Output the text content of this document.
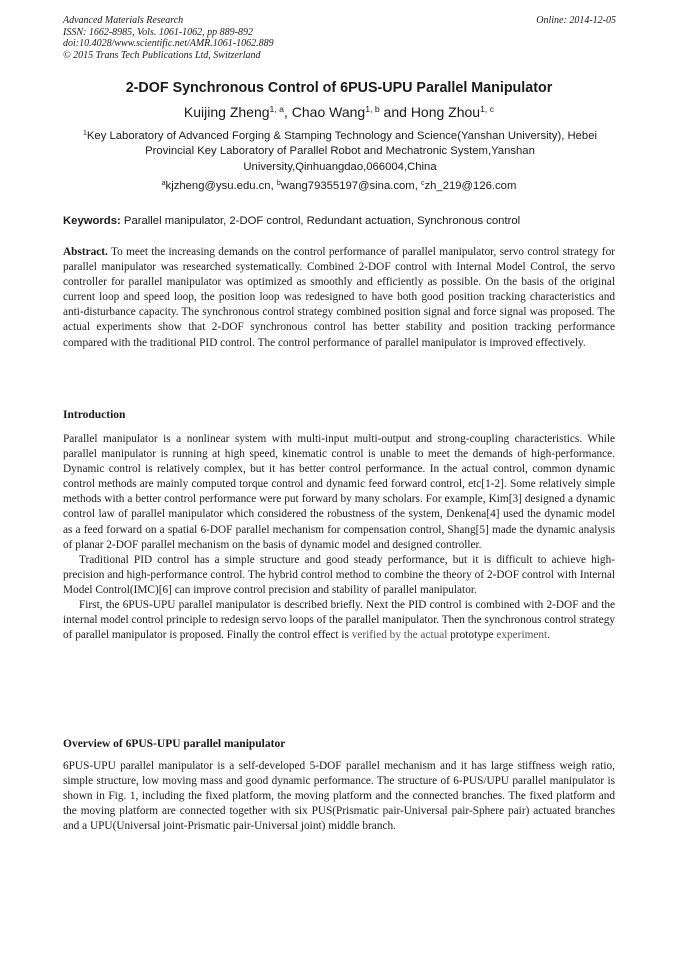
Advanced Materials Research
ISSN: 1662-8985, Vols. 1061-1062, pp 889-892
doi:10.4028/www.scientific.net/AMR.1061-1062.889
© 2015 Trans Tech Publications Ltd, Switzerland
Online: 2014-12-05
2-DOF Synchronous Control of 6PUS-UPU Parallel Manipulator
Kuijing Zheng$^{1, a}$, Chao Wang$^{1, b}$ and Hong Zhou$^{1, c}$
$^1$Key Laboratory of Advanced Forging & Stamping Technology and Science(Yanshan University), Hebei Provincial Key Laboratory of Parallel Robot and Mechatronic System,Yanshan University,Qinhuangdao,066004,China
$^a$kjzheng@ysu.edu.cn, $^b$wang79355197@sina.com, $^c$zh_219@126.com
Keywords: Parallel manipulator, 2-DOF control, Redundant actuation, Synchronous control

Abstract. To meet the increasing demands on the control performance of parallel manipulator, servo control strategy for parallel manipulator was researched systematically. Combined 2-DOF control with Internal Model Control, the servo controller for parallel manipulator was optimized as smoothly and efficiently as possible. On the basis of the original current loop and speed loop, the position loop was redesigned to have both good position tracking characteristics and anti-disturbance capacity. The synchronous control strategy combined position signal and force signal was proposed. The actual experiments show that 2-DOF synchronous control has better stability and position tracking performance compared with the traditional PID control. The control performance of parallel manipulator is improved effectively.

Introduction

Parallel manipulator is a nonlinear system with multi-input multi-output and strong-coupling characteristics. While parallel manipulator is running at high speed, kinematic control is unable to meet the demands of high-performance. Dynamic control is relatively complex, but it has better control performance. In the actual control, common dynamic control methods are mainly computed torque control and dynamic feed forward control, etc[1-2]. Some relatively simple methods with a better control performance were put forward by many scholars. For example, Kim[3] designed a dynamic control law of parallel manipulator which considered the robustness of the system, Denkena[4] used the dynamic model as a feed forward on a spatial 6-DOF parallel mechanism for compensation control, Shang[5] made the dynamic analysis of planar 2-DOF parallel mechanism on the basis of dynamic model and designed controller.

Traditional PID control has a simple structure and good steady performance, but it is difficult to achieve high-precision and high-performance control. The hybrid control method to combine the theory of 2-DOF control with Internal Model Control(IMC)[6] can improve control precision and stability of parallel manipulator.

First, the 6PUS-UPU parallel manipulator is described briefly. Next the PID control is combined with 2-DOF and the internal model control principle to redesign servo loops of the parallel manipulator. Then the synchronous control strategy of parallel manipulator is proposed. Finally the control effect is verified by the actual prototype experiment.

Overview of 6PUS-UPU parallel manipulator

6PUS-UPU parallel manipulator is a self-developed 5-DOF parallel mechanism and it has large stiffness weigh ratio, simple structure, low moving mass and good dynamic performance. The structure of 6-PUS/UPU parallel manipulator is shown in Fig. 1, including the fixed platform, the moving platform and the connected branches. The fixed platform and the moving platform are connected together with six PUS(Prismatic pair-Universal pair-Sphere pair) actuated branches and a UPU(Universal joint-Prismatic pair-Universal joint) middle branch.
